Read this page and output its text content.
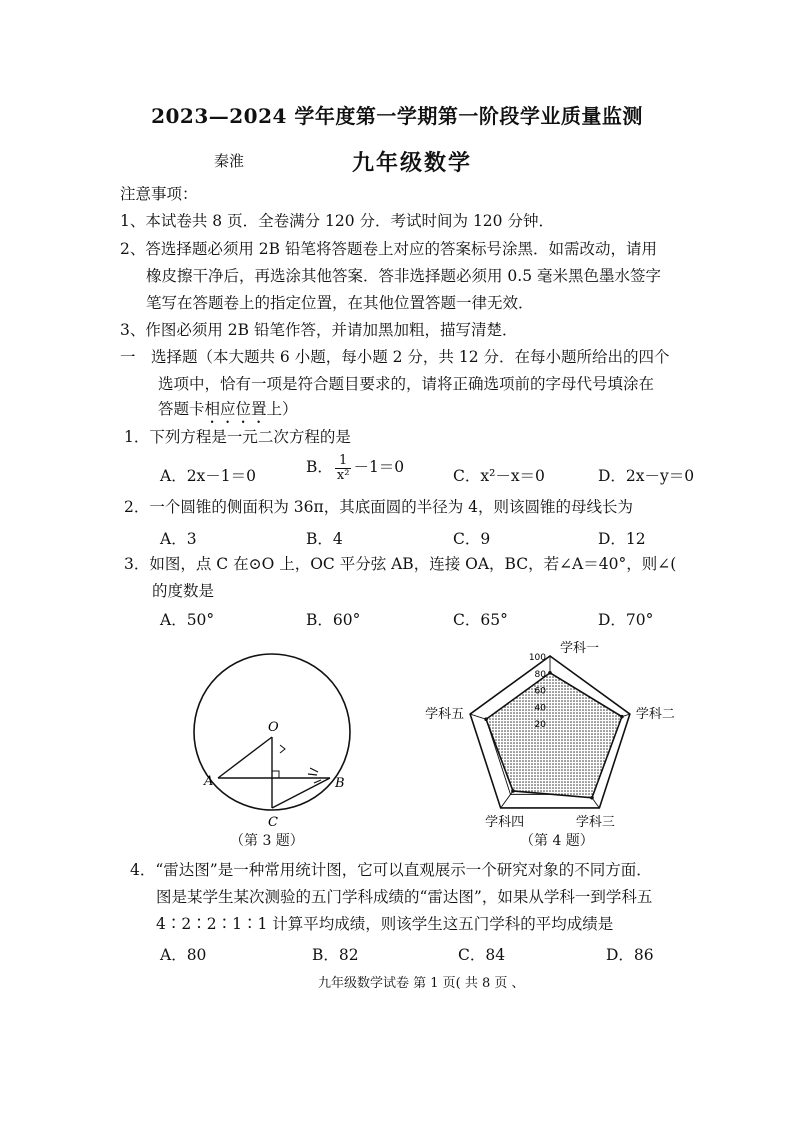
2023—2024 学年度第一学期第一阶段学业质量监测
秦淮	九年级数学
注意事项：
1、本试卷共 8 页．全卷满分 120 分．考试时间为 120 分钟．
2、答选择题必须用 2B 铅笔将答题卷上对应的答案标号涂黑．如需改动，请用
橡皮擦干净后，再选涂其他答案．答非选择题必须用 0.5 毫米黑色墨水签字
笔写在答题卷上的指定位置，在其他位置答题一律无效．
3、作图必须用 2B 铅笔作答，并请加黑加粗，描写清楚．
一　选择题（本大题共 6 小题，每小题 2 分，共 12 分．在每小题所给出的四个
选项中，恰有一项是符合题目要求的，请将正确选项前的字母代号填涂在
答题卡相应位置上）
1．下列方程是一元二次方程的是
A．2x－1＝0	B． $\frac{1}{\text{x²}} -1=0$	C．x²－x＝0	D．2x－y＝0
2．一个圆锥的侧面积为 36π，其底面圆的半径为 4，则该圆锥的母线长为
A．3	B．4	C．9	D．12
3．如图，点 C 在⊙O 上，OC 平分弦 AB，连接 OA，BC，若∠A＝40°，则∠(
的度数是
A．50°	B．60°	C．65°	D．70°
O
A	B
C
（第 3 题）
20
40
60
80
100
学科一
学科二
学科三
学科四
学科五
（第 4 题）
4．“雷达图”是一种常用统计图，它可以直观展示一个研究对象的不同方面．
图是某学生某次测验的五门学科成绩的“雷达图”，如果从学科一到学科五
4∶2∶2∶1∶1 计算平均成绩，则该学生这五门学科的平均成绩是
A．80	B．82	C．84	D．86
九年级数学试卷 第 1 页( 共 8 页 、
